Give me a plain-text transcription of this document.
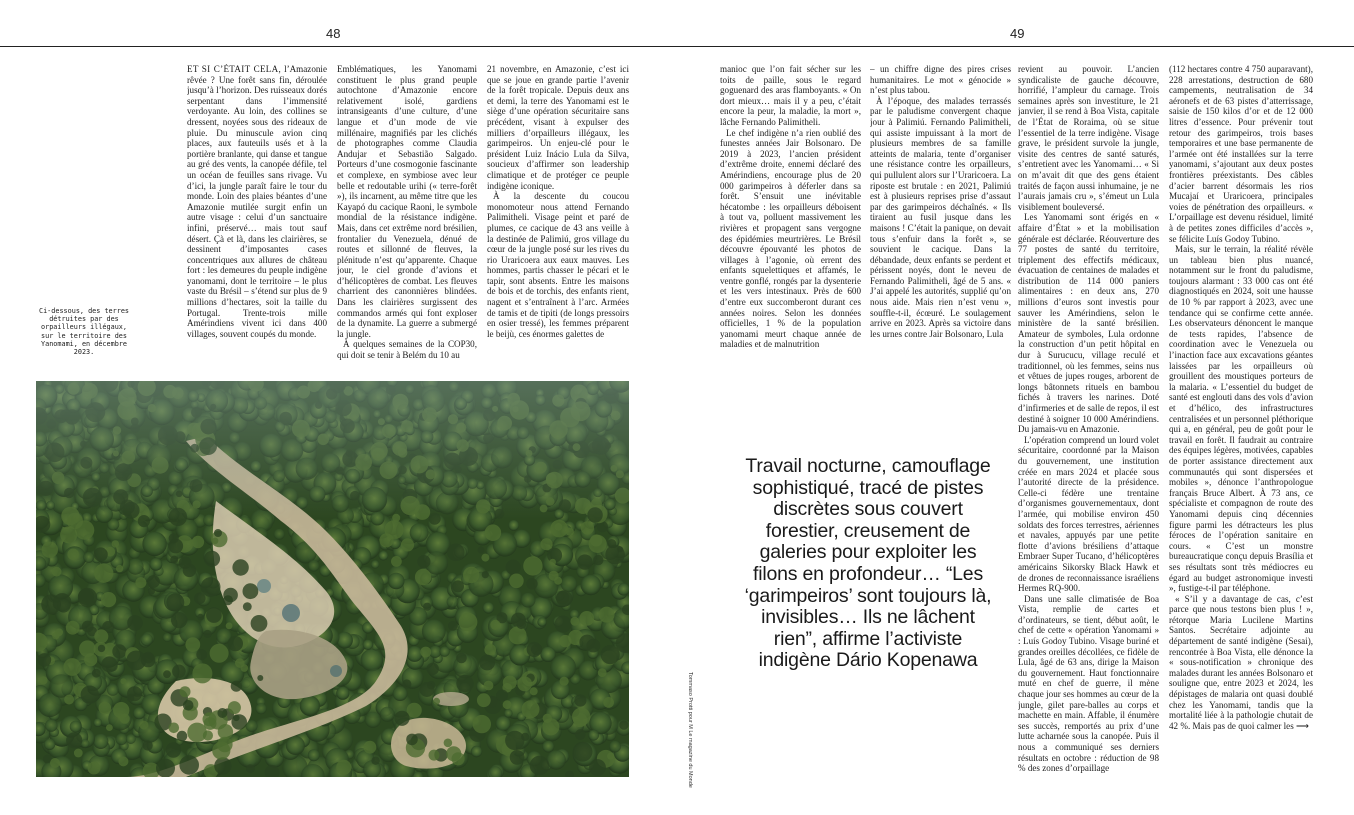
48	49

ET SI C’ÉTAIT CELA, l’Amazonie rêvée ? Une forêt sans fin, déroulée jusqu’à l’horizon. Des ruisseaux dorés serpentant dans l’immensité verdoyante. Au loin, des collines se dressent, noyées sous des rideaux de pluie. Du minuscule avion cinq places, aux fauteuils usés et à la portière branlante, qui danse et tangue au gré des vents, la canopée défile, tel un océan de feuilles sans rivage. Vu d’ici, la jungle paraît faire le tour du monde. Loin des plaies béantes d’une Amazonie mutilée surgit enfin un autre visage : celui d’un sanctuaire infini, préservé… mais tout sauf désert. Çà et là, dans les clairières, se dessinent d’imposantes cases concentriques aux allures de château fort : les demeures du peuple indigène yanomami, dont le territoire – le plus vaste du Brésil – s’étend sur plus de 9 millions d’hectares, soit la taille du Portugal. Trente-trois mille Amérindiens vivent ici dans 400 villages, souvent coupés du monde.

Emblématiques, les Yanomami constituent le plus grand peuple autochtone d’Amazonie encore relativement isolé, gardiens intransigeants d’une culture, d’une langue et d’un mode de vie millénaire, magnifiés par les clichés de photographes comme Claudia Andujar et Sebastião Salgado. Porteurs d’une cosmogonie fascinante et complexe, en symbiose avec leur belle et redoutable urihi (« terre-forêt »), ils incarnent, au même titre que les Kayapó du cacique Raoni, le symbole mondial de la résistance indigène. Mais, dans cet extrême nord brésilien, frontalier du Venezuela, dénué de routes et sillonné de fleuves, la plénitude n’est qu’apparente. Chaque jour, le ciel gronde d’avions et d’hélicoptères de combat. Les fleuves charrient des canonnières blindées. Dans les clairières surgissent des commandos armés qui font exploser de la dynamite. La guerre a submergé la jungle.

À quelques semaines de la COP30, qui doit se tenir à Belém du 10 au

21 novembre, en Amazonie, c’est ici que se joue en grande partie l’avenir de la forêt tropicale. Depuis deux ans et demi, la terre des Yanomami est le siège d’une opération sécuritaire sans précédent, visant à expulser des milliers d’orpailleurs illégaux, les garimpeiros. Un enjeu-clé pour le président Luiz Inácio Lula da Silva, soucieux d’affirmer son leadership climatique et de protéger ce peuple indigène iconique.

À la descente du coucou monomoteur nous attend Fernando Palimitheli. Visage peint et paré de plumes, ce cacique de 43 ans veille à la destinée de Palimiú, gros village du cœur de la jungle posé sur les rives du rio Uraricoera aux eaux mauves. Les hommes, partis chasser le pécari et le tapir, sont absents. Entre les maisons de bois et de torchis, des enfants rient, nagent et s’entraînent à l’arc. Armées de tamis et de tipiti (de longs pressoirs en osier tressé), les femmes préparent le beijù, ces énormes galettes de

Ci-dessous, des terres détruites par des orpailleurs illégaux, sur le territoire des Yanomami, en décembre 2023.
Tommaso Protti pour M Le magazine du Monde

manioc que l’on fait sécher sur les toits de paille, sous le regard goguenard des aras flamboyants. « On dort mieux… mais il y a peu, c’était encore la peur, la maladie, la mort », lâche Fernando Palimitheli.

Le chef indigène n’a rien oublié des funestes années Jair Bolsonaro. De 2019 à 2023, l’ancien président d’extrême droite, ennemi déclaré des Amérindiens, encourage plus de 20 000 garimpeiros à déferler dans sa forêt. S’ensuit une inévitable hécatombe : les orpailleurs déboisent à tout va, polluent massivement les rivières et propagent sans vergogne des épidémies meurtrières. Le Brésil découvre épouvanté les photos de villages à l’agonie, où errent des enfants squelettiques et affamés, le ventre gonflé, rongés par la dysenterie et les vers intestinaux. Près de 600 d’entre eux succomberont durant ces années noires. Selon les données officielles, 1 % de la population yanomami meurt chaque année de maladies et de malnutrition

– un chiffre digne des pires crises humanitaires. Le mot « génocide » n’est plus tabou.

À l’époque, des malades terrassés par le paludisme convergent chaque jour à Palimiú. Fernando Palimitheli, qui assiste impuissant à la mort de plusieurs membres de sa famille atteints de malaria, tente d’organiser une résistance contre les orpailleurs, qui pullulent alors sur l’Uraricoera. La riposte est brutale : en 2021, Palimiú est à plusieurs reprises prise d’assaut par des garimpeiros déchaînés. « Ils tiraient au fusil jusque dans les maisons ! C’était la panique, on devait tous s’enfuir dans la forêt », se souvient le cacique. Dans la débandade, deux enfants se perdent et périssent noyés, dont le neveu de Fernando Palimitheli, âgé de 5 ans. « J’ai appelé les autorités, supplié qu’on nous aide. Mais rien n’est venu », souffle-t-il, écœuré. Le soulagement arrive en 2023. Après sa victoire dans les urnes contre Jair Bolsonaro, Lula

revient au pouvoir. L’ancien syndicaliste de gauche découvre, horrifié, l’ampleur du carnage. Trois semaines après son investiture, le 21 janvier, il se rend à Boa Vista, capitale de l’État de Roraima, où se situe l’essentiel de la terre indigène. Visage grave, le président survole la jungle, visite des centres de santé saturés, s’entretient avec les Yanomami… « Si on m’avait dit que des gens étaient traités de façon aussi inhumaine, je ne l’aurais jamais cru », s’émeut un Lula visiblement bouleversé.

Les Yanomami sont érigés en « affaire d’État » et la mobilisation générale est déclarée. Réouverture des 77 postes de santé du territoire, triplement des effectifs médicaux, évacuation de centaines de malades et distribution de 114 000 paniers alimentaires : en deux ans, 270 millions d’euros sont investis pour sauver les Amérindiens, selon le ministère de la santé brésilien. Amateur de symboles, Lula ordonne la construction d’un petit hôpital en dur à Surucucu, village reculé et traditionnel, où les femmes, seins nus et vêtues de jupes rouges, arborent de longs bâtonnets rituels en bambou fichés à travers les narines. Doté d’infirmeries et de salle de repos, il est destiné à soigner 10 000 Amérindiens. Du jamais-vu en Amazonie.

L’opération comprend un lourd volet sécuritaire, coordonné par la Maison du gouvernement, une institution créée en mars 2024 et placée sous l’autorité directe de la présidence. Celle-ci fédère une trentaine d’organismes gouvernementaux, dont l’armée, qui mobilise environ 450 soldats des forces terrestres, aériennes et navales, appuyés par une petite flotte d’avions brésiliens d’attaque Embraer Super Tucano, d’hélicoptères américains Sikorsky Black Hawk et de drones de reconnaissance israéliens Hermes RQ-900.

Dans une salle climatisée de Boa Vista, remplie de cartes et d’ordinateurs, se tient, début août, le chef de cette « opération Yanomami » : Luís Godoy Tubino. Visage buriné et grandes oreilles décollées, ce fidèle de Lula, âgé de 63 ans, dirige la Maison du gouvernement. Haut fonctionnaire muté en chef de guerre, il mène chaque jour ses hommes au cœur de la jungle, gilet pare-balles au corps et machette en main. Affable, il énumère ses succès, remportés au prix d’une lutte acharnée sous la canopée. Puis il nous a communiqué ses derniers résultats en octobre : réduction de 98 % des zones d’orpaillage

(112 hectares contre 4 750 auparavant), 228 arrestations, destruction de 680 campements, neutralisation de 34 aéronefs et de 63 pistes d’atterrissage, saisie de 150 kilos d’or et de 12 000 litres d’essence. Pour prévenir tout retour des garimpeiros, trois bases temporaires et une base permanente de l’armée ont été installées sur la terre yanomami, s’ajoutant aux deux postes frontières préexistants. Des câbles d’acier barrent désormais les rios Mucajaí et Uraricoera, principales voies de pénétration des orpailleurs. « L’orpaillage est devenu résiduel, limité à de petites zones difficiles d’accès », se félicite Luís Godoy Tubino.

Mais, sur le terrain, la réalité révèle un tableau bien plus nuancé, notamment sur le front du paludisme, toujours alarmant : 33 000 cas ont été diagnostiqués en 2024, soit une hausse de 10 % par rapport à 2023, avec une tendance qui se confirme cette année. Les observateurs dénoncent le manque de tests rapides, l’absence de coordination avec le Venezuela ou l’inaction face aux excavations géantes laissées par les orpailleurs où grouillent des moustiques porteurs de la malaria. « L’essentiel du budget de santé est englouti dans des vols d’avion et d’hélico, des infrastructures centralisées et un personnel pléthorique qui a, en général, peu de goût pour le travail en forêt. Il faudrait au contraire des équipes légères, motivées, capables de porter assistance directement aux communautés qui sont dispersées et mobiles », dénonce l’anthropologue français Bruce Albert. À 73 ans, ce spécialiste et compagnon de route des Yanomami depuis cinq décennies figure parmi les détracteurs les plus féroces de l’opération sanitaire en cours. « C’est un monstre bureaucratique conçu depuis Brasília et ses résultats sont très médiocres eu égard au budget astronomique investi », fustige-t-il par téléphone.

« S’il y a davantage de cas, c’est parce que nous testons bien plus ! », rétorque Maria Lucilene Martins Santos. Secrétaire adjointe au département de santé indigène (Sesai), rencontrée à Boa Vista, elle dénonce la « sous-notification » chronique des malades durant les années Bolsonaro et souligne que, entre 2023 et 2024, les dépistages de malaria ont quasi doublé chez les Yanomami, tandis que la mortalité liée à la pathologie chutait de 42 %. Mais pas de quoi calmer les ⟶

Travail nocturne, camouflage sophistiqué, tracé de pistes discrètes sous couvert forestier, creusement de galeries pour exploiter les filons en profondeur… “Les ‘garimpeiros’ sont toujours là, invisibles… Ils ne lâchent rien”, affirme l’activiste indigène Dário Kopenawa
